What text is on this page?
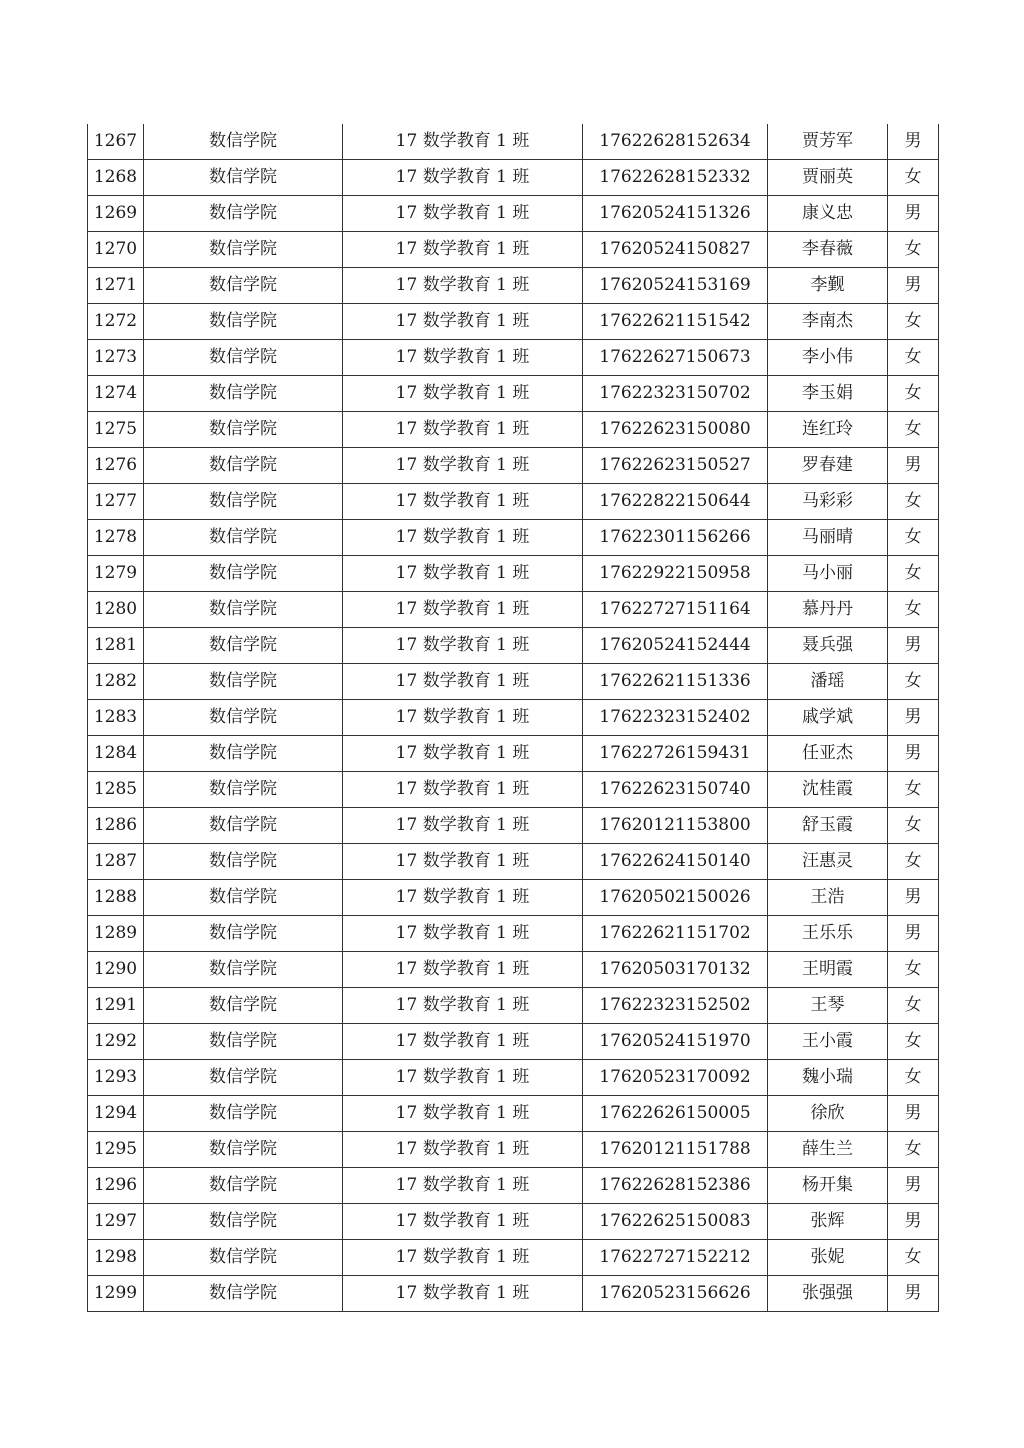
1267	数信学院	17 数学教育 1 班	17622628152634	贾芳军	男
1268	数信学院	17 数学教育 1 班	17622628152332	贾丽英	女
1269	数信学院	17 数学教育 1 班	17620524151326	康义忠	男
1270	数信学院	17 数学教育 1 班	17620524150827	李春薇	女
1271	数信学院	17 数学教育 1 班	17620524153169	李觐	男
1272	数信学院	17 数学教育 1 班	17622621151542	李南杰	女
1273	数信学院	17 数学教育 1 班	17622627150673	李小伟	女
1274	数信学院	17 数学教育 1 班	17622323150702	李玉娟	女
1275	数信学院	17 数学教育 1 班	17622623150080	连红玲	女
1276	数信学院	17 数学教育 1 班	17622623150527	罗春建	男
1277	数信学院	17 数学教育 1 班	17622822150644	马彩彩	女
1278	数信学院	17 数学教育 1 班	17622301156266	马丽晴	女
1279	数信学院	17 数学教育 1 班	17622922150958	马小丽	女
1280	数信学院	17 数学教育 1 班	17622727151164	慕丹丹	女
1281	数信学院	17 数学教育 1 班	17620524152444	聂兵强	男
1282	数信学院	17 数学教育 1 班	17622621151336	潘瑶	女
1283	数信学院	17 数学教育 1 班	17622323152402	戚学斌	男
1284	数信学院	17 数学教育 1 班	17622726159431	任亚杰	男
1285	数信学院	17 数学教育 1 班	17622623150740	沈桂霞	女
1286	数信学院	17 数学教育 1 班	17620121153800	舒玉霞	女
1287	数信学院	17 数学教育 1 班	17622624150140	汪惠灵	女
1288	数信学院	17 数学教育 1 班	17620502150026	王浩	男
1289	数信学院	17 数学教育 1 班	17622621151702	王乐乐	男
1290	数信学院	17 数学教育 1 班	17620503170132	王明霞	女
1291	数信学院	17 数学教育 1 班	17622323152502	王琴	女
1292	数信学院	17 数学教育 1 班	17620524151970	王小霞	女
1293	数信学院	17 数学教育 1 班	17620523170092	魏小瑞	女
1294	数信学院	17 数学教育 1 班	17622626150005	徐欣	男
1295	数信学院	17 数学教育 1 班	17620121151788	薛生兰	女
1296	数信学院	17 数学教育 1 班	17622628152386	杨开集	男
1297	数信学院	17 数学教育 1 班	17622625150083	张辉	男
1298	数信学院	17 数学教育 1 班	17622727152212	张妮	女
1299	数信学院	17 数学教育 1 班	17620523156626	张强强	男
